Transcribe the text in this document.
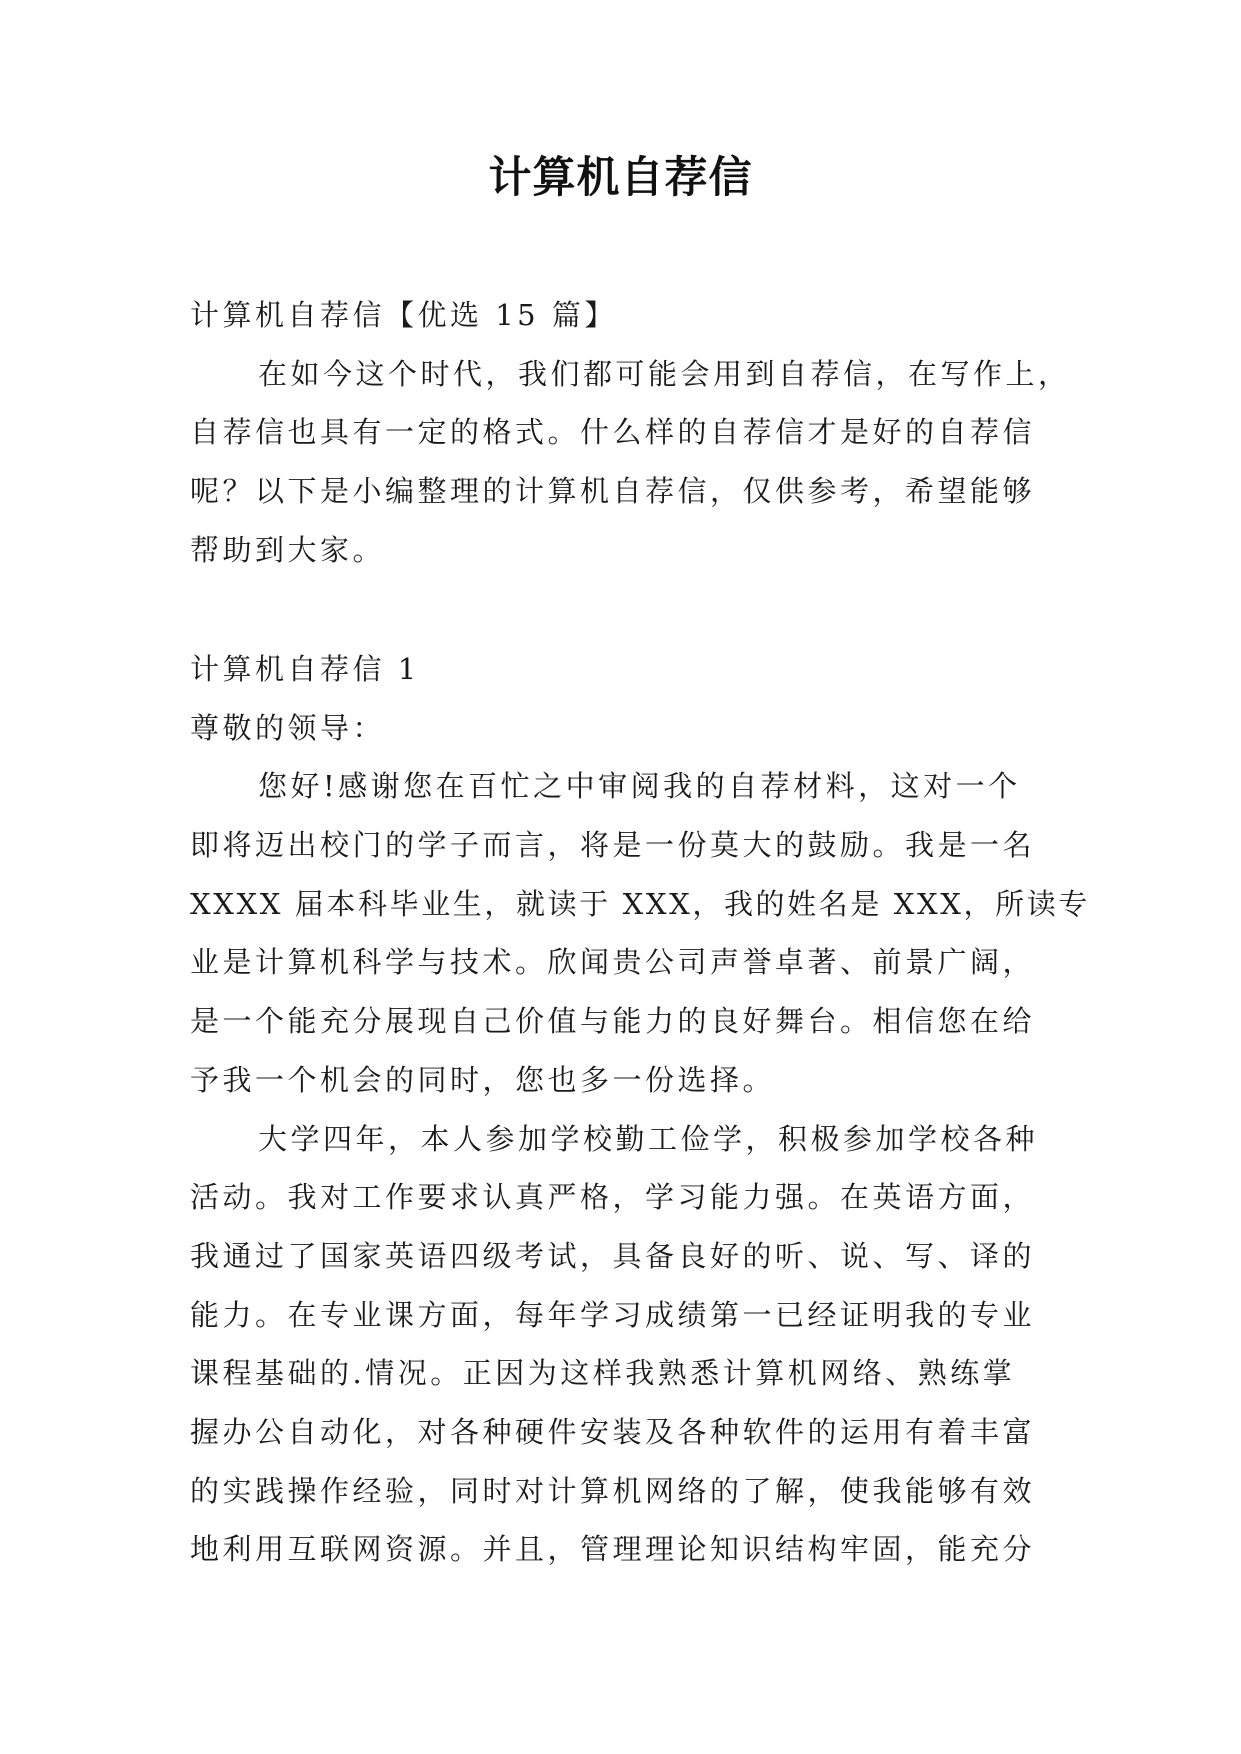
计算机自荐信
计算机自荐信【优选 15 篇】
在如今这个时代，我们都可能会用到自荐信，在写作上，
自荐信也具有一定的格式。什么样的自荐信才是好的自荐信
呢？以下是小编整理的计算机自荐信，仅供参考，希望能够
帮助到大家。
计算机自荐信 1
尊敬的领导：
您好!感谢您在百忙之中审阅我的自荐材料，这对一个
即将迈出校门的学子而言，将是一份莫大的鼓励。我是一名
XXXX 届本科毕业生，就读于 XXX，我的姓名是 XXX，所读专
业是计算机科学与技术。欣闻贵公司声誉卓著、前景广阔，
是一个能充分展现自己价值与能力的良好舞台。相信您在给
予我一个机会的同时，您也多一份选择。
大学四年，本人参加学校勤工俭学，积极参加学校各种
活动。我对工作要求认真严格，学习能力强。在英语方面，
我通过了国家英语四级考试，具备良好的听、说、写、译的
能力。在专业课方面，每年学习成绩第一已经证明我的专业
课程基础的.情况。正因为这样我熟悉计算机网络、熟练掌
握办公自动化，对各种硬件安装及各种软件的运用有着丰富
的实践操作经验，同时对计算机网络的了解，使我能够有效
地利用互联网资源。并且，管理理论知识结构牢固，能充分
